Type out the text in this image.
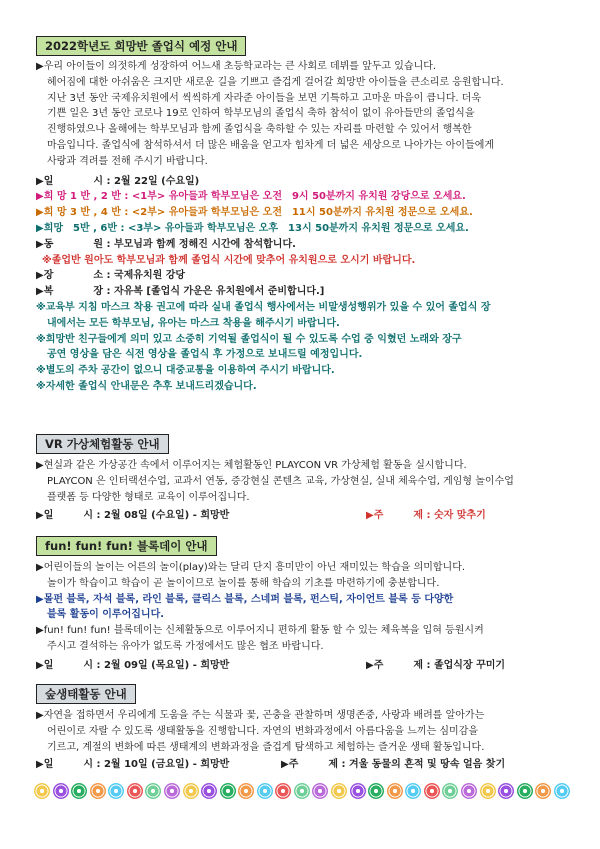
2022학년도 희망반 졸업식 예정 안내

▶우리 아이들이 의젓하게 성장하여 어느새 초등학교라는 큰 사회로 데뷔를 앞두고 있습니다.

헤어짐에 대한 아쉬움은 크지만 새로운 길을 기쁘고 즐겁게 걸어갈 희망반 아이들을 큰소리로 응원합니다.

지난 3년 동안 국제유치원에서 씩씩하게 자라준 아이들을 보면 기특하고 고마운 마음이 큽니다. 더욱

기쁜 일은 3년 동안 코로나 19로 인하여 학부모님의 졸업식 축하 참석이 없이 유아들만의 졸업식을

진행하였으나 올해에는 학부모님과 함께 졸업식을 축하할 수 있는 자리를 마련할 수 있어서 행복한

마음입니다. 졸업식에 참석하셔서 더 많은 배움을 얻고자 힘차게 더 넓은 세상으로 나아가는 아이들에게

사랑과 격려를 전해 주시기 바랍니다.

▶일　　　　시 : 2월 22일 (수요일)

▶희 망 1 반 , 2 반 : <1부> 유아들과 학부모님은 오전　9시 50분까지 유치원 강당으로 오세요.

▶희 망 3 반 , 4 반 : <2부> 유아들과 학부모님은 오전　11시 50분까지 유치원 정문으로 오세요.

▶희망　5반 , 6반 : <3부> 유아들과 학부모님은 오후　13시 50분까지 유치원 정문으로 오세요.

▶동　　　　원 : 부모님과 함께 정해진 시간에 참석합니다.

※졸업반 원아도 학부모님과 함께 졸업식 시간에 맞추어 유치원으로 오시기 바랍니다.

▶장　　　　소 : 국제유치원 강당

▶복　　　　장 : 자유복 [졸업식 가운은 유치원에서 준비합니다.]

※교육부 지침 마스크 착용 권고에 따라 실내 졸업식 행사에서는 비말생성행위가 있을 수 있어 졸업식 장

내에서는 모든 학부모님, 유아는 마스크 착용을 해주시기 바랍니다.

※희망반 친구들에게 의미 있고 소중히 기억될 졸업식이 될 수 있도록 수업 중 익혔던 노래와 장구

공연 영상을 담은 식전 영상을 졸업식 후 가정으로 보내드릴 예정입니다.

※별도의 주차 공간이 없으니 대중교통을 이용하여 주시기 바랍니다.

※자세한 졸업식 안내문은 추후 보내드리겠습니다.

VR 가상체험활동 안내

▶현실과 같은 가상공간 속에서 이루어지는 체험활동인 PLAYCON VR 가상체험 활동을 실시합니다.

PLAYCON 은 인터랙션수업, 교과서 연동, 증강현실 콘텐츠 교육, 가상현실, 실내 체육수업, 게임형 놀이수업

플랫폼 등 다양한 형태로 교육이 이루어집니다.

▶일　　　시 : 2월 08일 (수요일) - 희망반	▶주　　　제 : 숫자 맞추기
fun! fun! fun! 블록데이 안내

▶어린이들의 놀이는 어른의 놀이(play)와는 달리 단지 흥미만이 아닌 재미있는 학습을 의미합니다.

놀이가 학습이고 학습이 곧 놀이이므로 놀이를 통해 학습의 기초를 마련하기에 충분합니다.

▶몰펀 블록, 자석 블록, 라인 블록, 클릭스 블록, 스네퍼 블록, 펀스틱, 자이언트 블록 등 다양한

블록 활동이 이루어집니다.

▶fun! fun! fun! 블록데이는 신체활동으로 이루어지니 편하게 활동 할 수 있는 체육복을 입혀 등원시켜

주시고 결석하는 유아가 없도록 가정에서도 많은 협조 바랍니다.

▶일　　　시 : 2월 09일 (목요일) - 희망반	▶주　　　제 : 졸업식장 꾸미기
숲생태활동 안내

▶자연을 접하면서 우리에게 도움을 주는 식물과 꽃, 곤충을 관찰하며 생명존중, 사랑과 배려를 알아가는

어린이로 자랄 수 있도록 생태활동을 진행합니다. 자연의 변화과정에서 아름다움을 느끼는 심미감을

기르고, 계절의 변화에 따른 생태계의 변화과정을 즐겁게 탐색하고 체험하는 즐거운 생태 활동입니다.

▶일　　　시 : 2월 10일 (금요일) - 희망반	▶주　　　제 : 겨울 동물의 흔적 및 땅속 얼음 찾기
